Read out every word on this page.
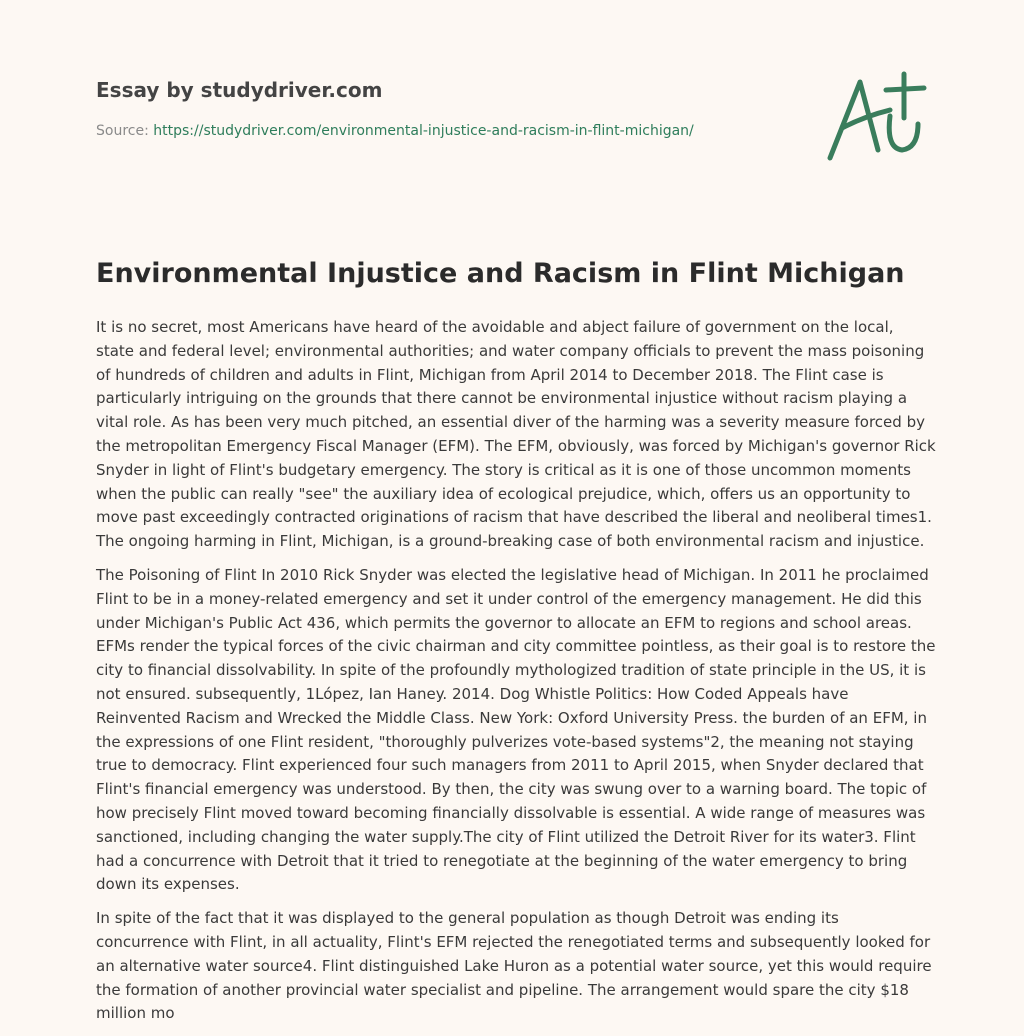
Essay by studydriver.com
Source: https://studydriver.com/environmental-injustice-and-racism-in-flint-michigan/
Environmental Injustice and Racism in Flint Michigan

It is no secret, most Americans have heard of the avoidable and abject failure of government on the local, state and federal level; environmental authorities; and water company officials to prevent the mass poisoning of hundreds of children and adults in Flint, Michigan from April 2014 to December 2018. The Flint case is particularly intriguing on the grounds that there cannot be environmental injustice without racism playing a vital role. As has been very much pitched, an essential diver of the harming was a severity measure forced by the metropolitan Emergency Fiscal Manager (EFM). The EFM, obviously, was forced by Michigan's governor Rick Snyder in light of Flint's budgetary emergency. The story is critical as it is one of those uncommon moments when the public can really "see" the auxiliary idea of ecological prejudice, which, offers us an opportunity to move past exceedingly contracted originations of racism that have described the liberal and neoliberal times1. The ongoing harming in Flint, Michigan, is a ground-breaking case of both environmental racism and injustice.

The Poisoning of Flint In 2010 Rick Snyder was elected the legislative head of Michigan. In 2011 he proclaimed Flint to be in a money-related emergency and set it under control of the emergency management. He did this under Michigan's Public Act 436, which permits the governor to allocate an EFM to regions and school areas. EFMs render the typical forces of the civic chairman and city committee pointless, as their goal is to restore the city to financial dissolvability. In spite of the profoundly mythologized tradition of state principle in the US, it is not ensured. subsequently, 1López, Ian Haney. 2014. Dog Whistle Politics: How Coded Appeals have Reinvented Racism and Wrecked the Middle Class. New York: Oxford University Press. the burden of an EFM, in the expressions of one Flint resident, "thoroughly pulverizes vote-based systems"2, the meaning not staying true to democracy. Flint experienced four such managers from 2011 to April 2015, when Snyder declared that Flint's financial emergency was understood. By then, the city was swung over to a warning board. The topic of how precisely Flint moved toward becoming financially dissolvable is essential. A wide range of measures was sanctioned, including changing the water supply.The city of Flint utilized the Detroit River for its water3. Flint had a concurrence with Detroit that it tried to renegotiate at the beginning of the water emergency to bring down its expenses.

In spite of the fact that it was displayed to the general population as though Detroit was ending its concurrence with Flint, in all actuality, Flint's EFM rejected the renegotiated terms and subsequently looked for an alternative water source4. Flint distinguished Lake Huron as a potential water source, yet this would require the formation of another provincial water specialist and pipeline. The arrangement would spare the city $18 million mo
